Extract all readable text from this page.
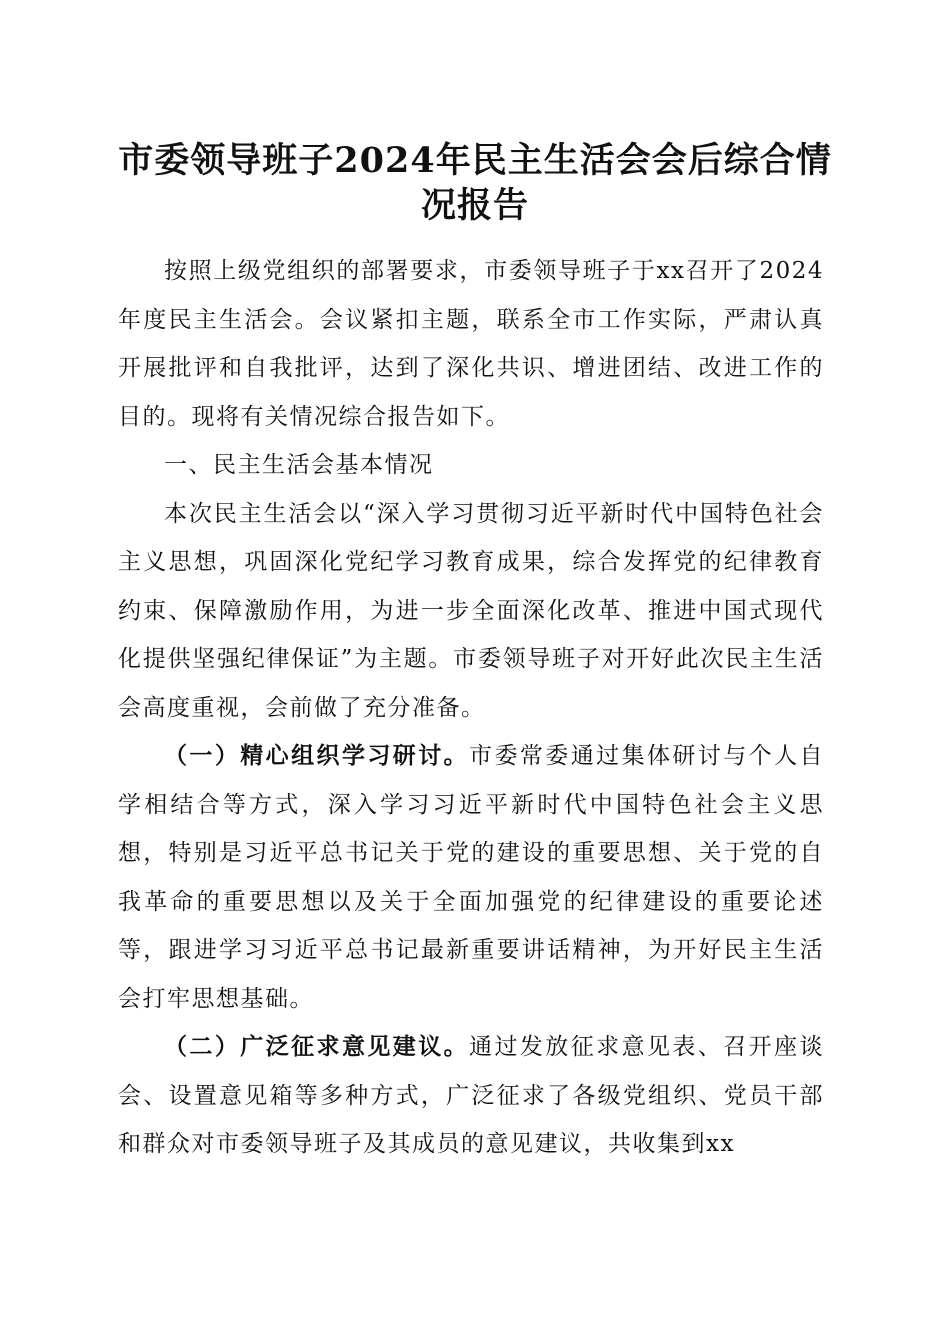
市委领导班子2024年民主生活会会后综合情
况报告

按照上级党组织的部署要求，市委领导班子于xx召开了2024年度民主生活会。会议紧扣主题，联系全市工作实际，严肃认真开展批评和自我批评，达到了深化共识、增进团结、改进工作的目的。现将有关情况综合报告如下。

一、民主生活会基本情况

本次民主生活会以“深入学习贯彻习近平新时代中国特色社会主义思想，巩固深化党纪学习教育成果，综合发挥党的纪律教育约束、保障激励作用，为进一步全面深化改革、推进中国式现代化提供坚强纪律保证”为主题。市委领导班子对开好此次民主生活会高度重视，会前做了充分准备。

（一）精心组织学习研讨。市委常委通过集体研讨与个人自学相结合等方式，深入学习习近平新时代中国特色社会主义思想，特别是习近平总书记关于党的建设的重要思想、关于党的自我革命的重要思想以及关于全面加强党的纪律建设的重要论述等，跟进学习习近平总书记最新重要讲话精神，为开好民主生活会打牢思想基础。

（二）广泛征求意见建议。通过发放征求意见表、召开座谈会、设置意见箱等多种方式，广泛征求了各级党组织、党员干部和群众对市委领导班子及其成员的意见建议，共收集到xx
